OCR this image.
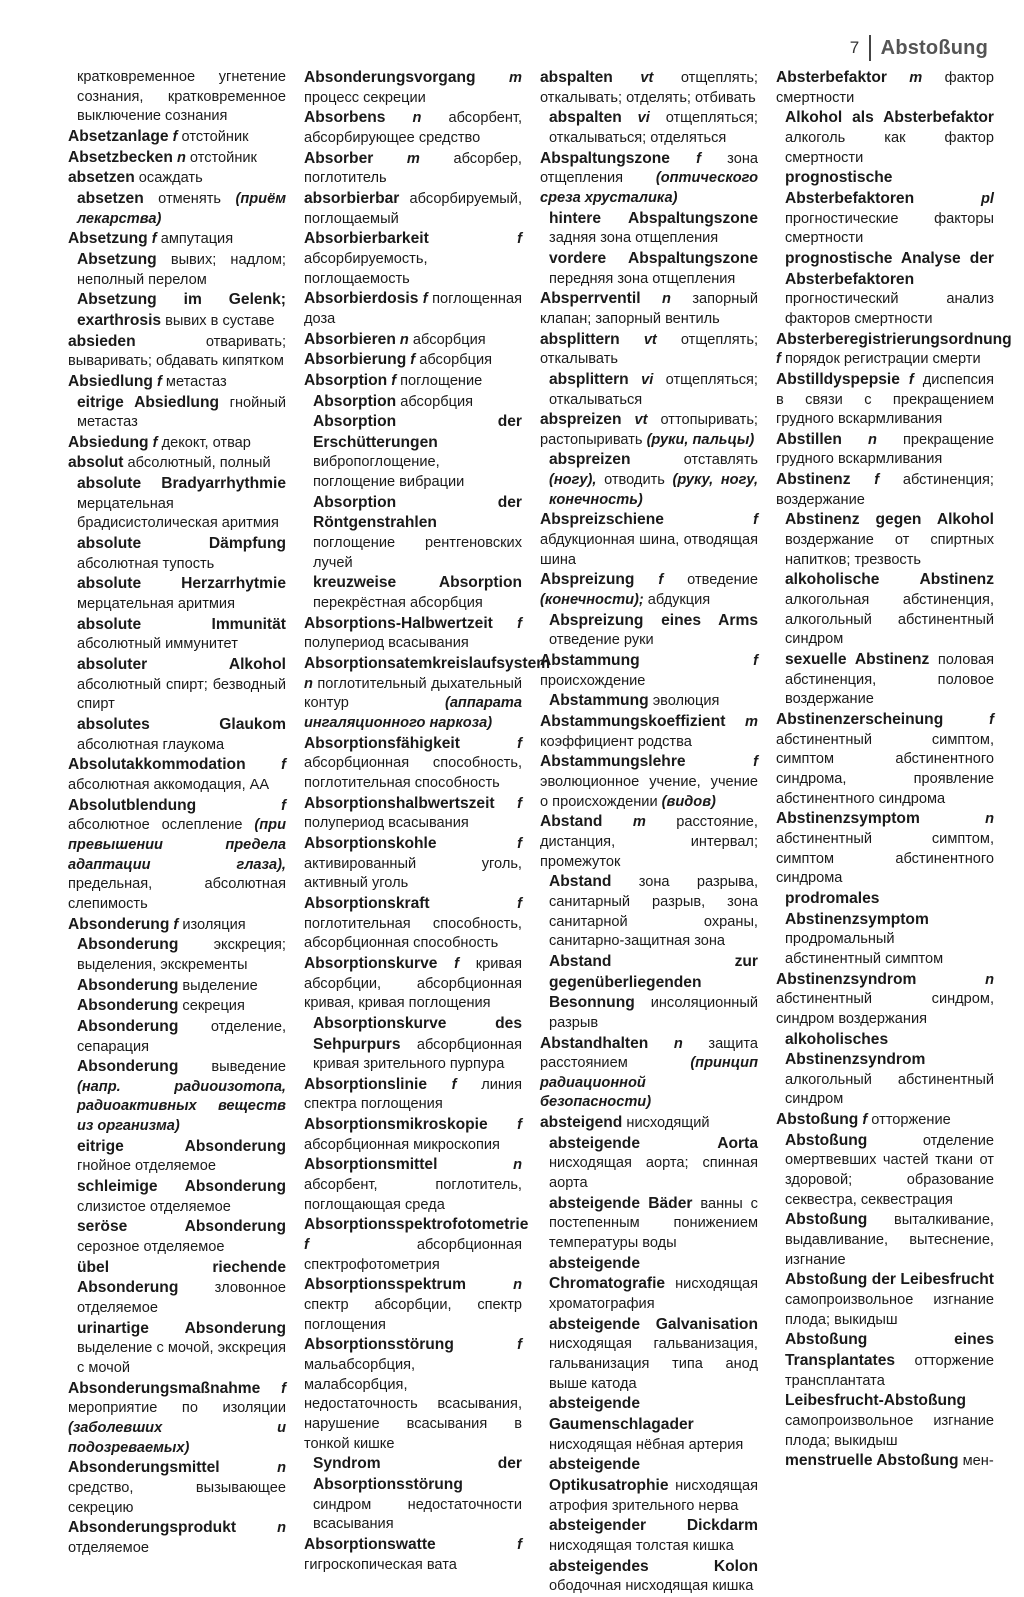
7 Abstoßung
кратковременное угнетение сознания, кратковременное выключение сознания
Absetzanlage f отстойник
Absetzbecken n отстойник
absetzen осаждать
absetzen отменять (приём лекарства)
Absetzung f ампутация
Absetzung вывих; надлом; неполный перелом
Absetzung im Gelenk; exarthrosis вывих в суставе
absieden	отваривать; вываривать; обдавать кипятком
Absiedlung f метастаз
eitrige Absiedlung гнойный метастаз
Absiedung f декокт, отвар
absolut абсолютный, полный
absolute Bradyarrhythmie мерцательная брадисистолическая аритмия
absolute Dämpfung абсолютная тупость
absolute Herzarrhytmie мерцательная аритмия
absolute Immunität абсолютный иммунитет
absoluter Alkohol абсолютный спирт; безводный спирт
absolutes Glaukom абсолютная глаукома
Absolutakkommodation f абсолютная аккомодация, АА
Absolutblendung	f абсолютное ослепление (при превышении предела адаптации глаза), предельная, абсолютная слепимость
Absonderung f изоляция
Absonderung экскреция; выделения, экскременты
Absonderung выделение
Absonderung секреция
Absonderung отделение, сепарация
Absonderung выведение (напр. радиоизотопа, радиоактивных веществ из организма)
eitrige Absonderung гнойное отделяемое
schleimige Absonderung слизистое отделяемое
seröse Absonderung серозное отделяемое
übel riechende Absonderung зловонное отделяемое
urinartige Absonderung выделение с мочой, экскреция с мочой
Absonderungsmaßnahme f мероприятие по изоляции (заболевших и подозреваемых)
Absonderungsmittel	n средство, вызывающее секрецию
Absonderungsprodukt	n отделяемое
Absonderungsvorgang m процесс секреции
Absorbens n абсорбент, абсорбирующее средство
Absorber m абсорбер, поглотитель
absorbierbar абсорбируемый, поглощаемый
Absorbierbarkeit	f абсорбируемость, поглощаемость
Absorbierdosis f поглощенная доза
Absorbieren n абсорбция
Absorbierung f абсорбция
Absorption f поглощение
Absorption абсорбция
Absorption der Erschütterungen вибропоглощение, поглощение вибрации
Absorption der Röntgenstrahlen поглощение рентгеновских лучей
kreuzweise Absorption перекрёстная абсорбция
Absorptions-Halbwertzeit f полупериод всасывания
Absorptionsatemkreislaufsystem n поглотительный дыхательный контур	(аппарата ингаляционного наркоза)
Absorptionsfähigkeit	f абсорбционная способность, поглотительная способность
Absorptionshalbwertszeit f полупериод всасывания
Absorptionskohle	f активированный уголь, активный уголь
Absorptionskraft	f поглотительная способность, абсорбционная способность
Absorptionskurve f кривая абсорбции, абсорбционная кривая, кривая поглощения
Absorptionskurve des Sehpurpurs абсорбционная кривая зрительного пурпура
Absorptionslinie f линия спектра поглощения
Absorptionsmikroskopie f абсорбционная микроскопия
Absorptionsmittel	n абсорбент, поглотитель, поглощающая среда
Absorptionsspektrofotometrie f	абсорбционная спектрофотометрия
Absorptionsspektrum	n спектр абсорбции, спектр поглощения
Absorptionsstörung	f мальабсорбция, малабсорбция, недостаточность всасывания, нарушение всасывания в тонкой кишке
Syndrom der Absorptionsstörung синдром недостаточности всасывания
Absorptionswatte	f гигроскопическая вата
abspalten vt отщеплять; откалывать; отделять; отбивать
abspalten vi отщепляться; откалываться; отделяться
Abspaltungszone f зона отщепления (оптического среза хрусталика)
hintere Abspaltungszone задняя зона отщепления
vordere Abspaltungszone передняя зона отщепления
Absperrventil n запорный клапан; запорный вентиль
absplittern vt отщеплять; откалывать
absplittern vi отщепляться; откалываться
abspreizen vt оттопыривать; растопыривать (руки, пальцы)
abspreizen	отставлять (ногу), отводить (руку, ногу, конечность)
Abspreizschiene	f абдукционная шина, отводящая шина
Abspreizung f отведение (конечности); абдукция
Abspreizung eines Arms отведение руки
Abstammung	f происхождение
Abstammung эволюция
Abstammungskoeffizient m коэффициент родства
Abstammungslehre	f эволюционное учение, учение о происхождении (видов)
Abstand m расстояние, дистанция, интервал; промежуток
Abstand зона разрыва, санитарный разрыв, зона санитарной охраны, санитарно-защитная зона
Abstand zur gegenüberliegenden Besonnung инсоляционный разрыв
Abstandhalten n защита расстоянием	(принцип радиационной безопасности)
absteigend нисходящий
absteigende Aorta нисходящая аорта; спинная аорта
absteigende Bäder ванны с постепенным понижением температуры воды
absteigende Chromatografie нисходящая хроматография
absteigende Galvanisation нисходящая гальванизация, гальванизация типа анод выше катода
absteigende Gaumenschlagader нисходящая нёбная артерия
absteigende Optikusatrophie нисходящая атрофия зрительного нерва
absteigender Dickdarm нисходящая толстая кишка
absteigendes Kolon ободочная нисходящая кишка
Absterbefaktor m фактор смертности
Alkohol als Absterbefaktor алкоголь как фактор смертности
prognostische Absterbefaktoren	pl прогностические факторы смертности
prognostische Analyse der Absterbefaktoren прогностический анализ факторов смертности
Absterberegistrierungsordnung f порядок регистрации смерти
Abstilldyspepsie f диспепсия в связи с прекращением грудного вскармливания
Abstillen n прекращение грудного вскармливания
Abstinenz f абстиненция; воздержание
Abstinenz gegen Alkohol воздержание от спиртных напитков; трезвость
alkoholische Abstinenz алкогольная абстиненция, алкогольный абстинентный синдром
sexuelle Abstinenz половая абстиненция, половое воздержание
Abstinenzerscheinung	f абстинентный симптом, симптом абстинентного синдрома, проявление абстинентного синдрома
Abstinenzsymptom	n абстинентный симптом, симптом абстинентного синдрома
prodromales Abstinenzsymptom продромальный абстинентный симптом
Abstinenzsyndrom	n абстинентный синдром, синдром воздержания
alkoholisches Abstinenzsyndrom алкогольный абстинентный синдром
Abstoßung f отторжение
Abstoßung	отделение омертвевших частей ткани от здоровой; образование секвестра, секвестрация
Abstoßung выталкивание, выдавливание, вытеснение, изгнание
Abstoßung der Leibesfrucht самопроизвольное изгнание плода; выкидыш
Abstoßung eines Transplantates отторжение трансплантата
Leibesfrucht-Abstoßung самопроизвольное изгнание плода; выкидыш
menstruelle Abstoßung мен-
